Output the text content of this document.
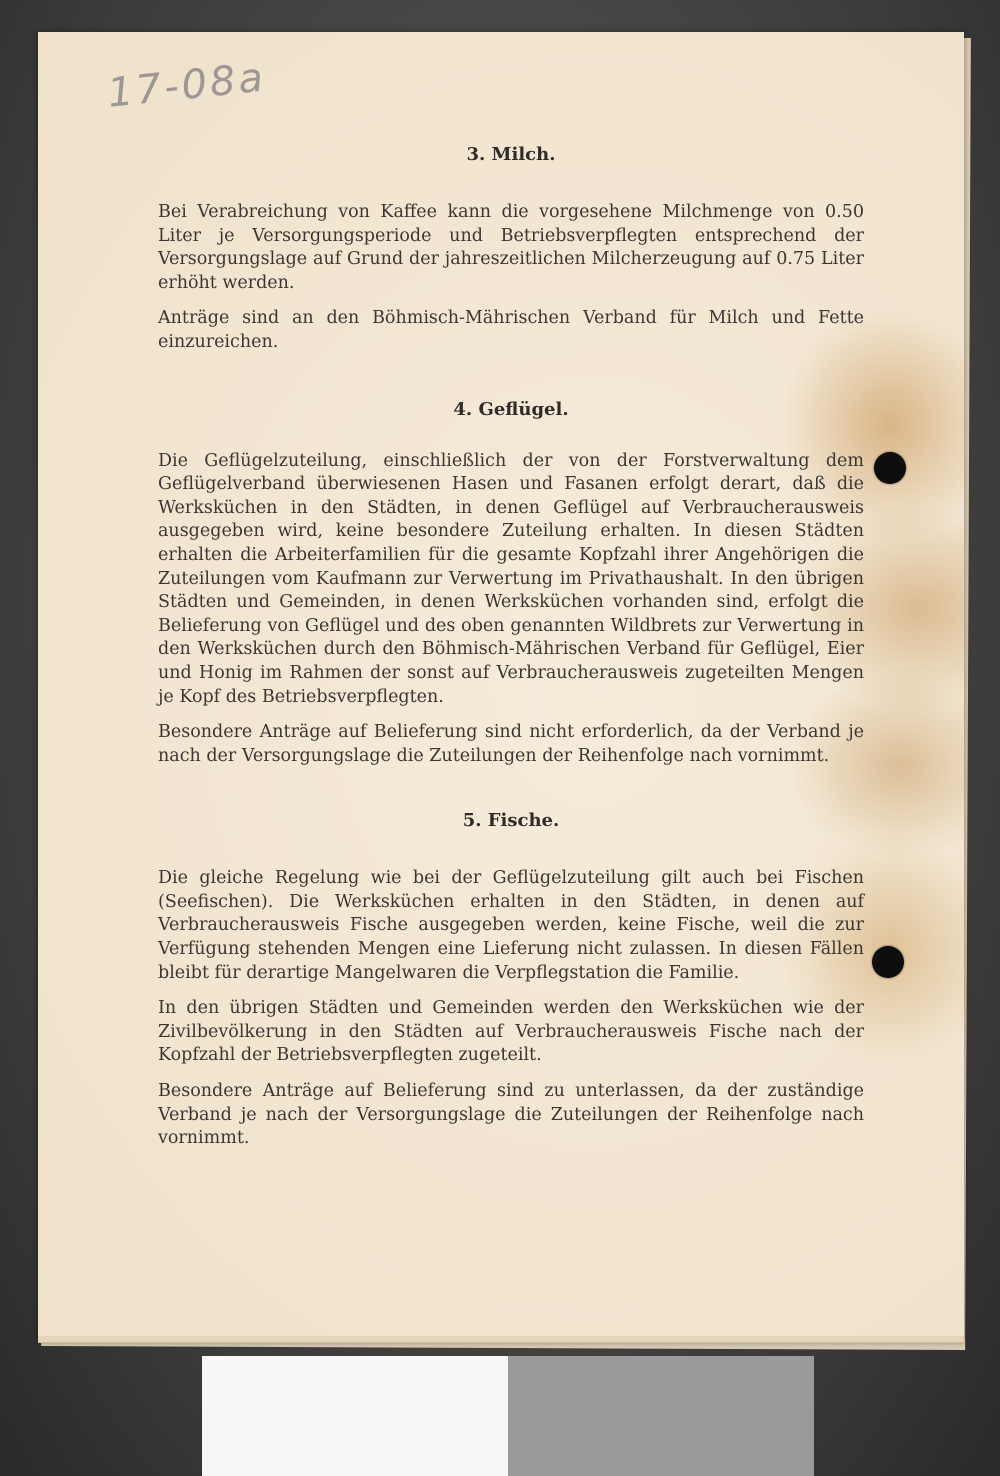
17-08a
3. Milch.

Bei Verabreichung von Kaffee kann die vorgesehene Milchmenge von 0.50 Liter je Versorgungsperiode und Betriebsverpflegten entsprechend der Versorgungslage auf Grund der jahreszeitlichen Milcherzeugung auf 0.75 Liter erhöht werden.

Anträge sind an den Böhmisch-Mährischen Verband für Milch und Fette einzureichen.

4. Geflügel.

Die Geflügelzuteilung, einschließlich der von der Forstverwaltung dem Geflügelverband überwiesenen Hasen und Fasanen erfolgt derart, daß die Werksküchen in den Städten, in denen Geflügel auf Verbraucherausweis ausgegeben wird, keine besondere Zuteilung erhalten. In diesen Städten erhalten die Arbeiterfamilien für die gesamte Kopfzahl ihrer Angehörigen die Zuteilungen vom Kaufmann zur Verwertung im Privathaushalt. In den übrigen Städten und Gemeinden, in denen Werksküchen vorhanden sind, erfolgt die Belieferung von Geflügel und des oben genannten Wildbrets zur Verwertung in den Werksküchen durch den Böhmisch-Mährischen Verband für Geflügel, Eier und Honig im Rahmen der sonst auf Verbraucherausweis zugeteilten Mengen je Kopf des Betriebsverpflegten.

Besondere Anträge auf Belieferung sind nicht erforderlich, da der Verband je nach der Versorgungslage die Zuteilungen der Reihenfolge nach vornimmt.

5. Fische.

Die gleiche Regelung wie bei der Geflügelzuteilung gilt auch bei Fischen (Seefischen). Die Werksküchen erhalten in den Städten, in denen auf Verbraucherausweis Fische ausgegeben werden, keine Fische, weil die zur Verfügung stehenden Mengen eine Lieferung nicht zulassen. In diesen Fällen bleibt für derartige Mangelwaren die Verpflegstation die Familie.

In den übrigen Städten und Gemeinden werden den Werksküchen wie der Zivilbevölkerung in den Städten auf Verbraucherausweis Fische nach der Kopfzahl der Betriebsverpflegten zugeteilt.

Besondere Anträge auf Belieferung sind zu unterlassen, da der zuständige Verband je nach der Versorgungslage die Zuteilungen der Reihenfolge nach vornimmt.
